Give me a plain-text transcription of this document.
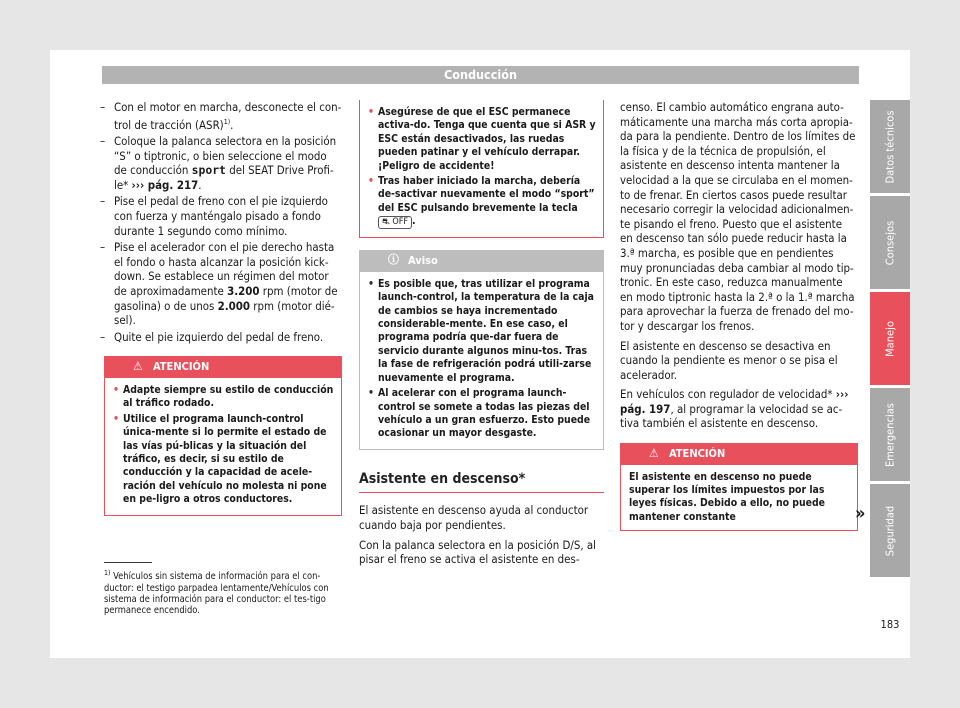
Conducción
– Con el motor en marcha, desconecte el con-trol de tracción (ASR)$^{1)}$.
– Coloque la palanca selectora en la posición “S” o tiptronic, o bien seleccione el modo de conducción sport del SEAT Drive Profi-le* ››› pág. 217.
– Pise el pedal de freno con el pie izquierdo con fuerza y manténgalo pisado a fondo durante 1 segundo como mínimo.
– Pise el acelerador con el pie derecho hasta el fondo o hasta alcanzar la posición kick-down. Se establece un régimen del motor de aproximadamente 3.200 rpm (motor de gasolina) o de unos 2.000 rpm (motor dié-sel).
– Quite el pie izquierdo del pedal de freno.
⚠ ATENCIÓN
• Adapte siempre su estilo de conducción al tráfico rodado.
• Utilice el programa launch-control única-mente si lo permite el estado de las vías pú-blicas y la situación del tráfico, es decir, si su estilo de conducción y la capacidad de acele-ración del vehículo no molesta ni pone en pe-ligro a otros conductores.
• Asegúrese de que el ESC permanece activa-do. Tenga que cuenta que si ASR y ESC están desactivados, las ruedas pueden patinar y el vehículo derrapar. ¡Peligro de accidente!
• Tras haber iniciado la marcha, debería de-sactivar nuevamente el modo “sport” del ESC pulsando brevemente la tecla ⛐ OFF .
ⓘ Aviso
• Es posible que, tras utilizar el programa launch-control, la temperatura de la caja de cambios se haya incrementado considerable-mente. En ese caso, el programa podría que-dar fuera de servicio durante algunos minu-tos. Tras la fase de refrigeración podrá utili-zarse nuevamente el programa.
• Al acelerar con el programa launch-control se somete a todas las piezas del vehículo a un gran esfuerzo. Esto puede ocasionar un mayor desgaste.
Asistente en descenso*

El asistente en descenso ayuda al conductor cuando baja por pendientes.

Con la palanca selectora en la posición D/S, al pisar el freno se activa el asistente en des-

censo. El cambio automático engrana auto-máticamente una marcha más corta apropia-da para la pendiente. Dentro de los límites de la física y de la técnica de propulsión, el asistente en descenso intenta mantener la velocidad a la que se circulaba en el momen-to de frenar. En ciertos casos puede resultar necesario corregir la velocidad adicionalmen-te pisando el freno. Puesto que el asistente en descenso tan sólo puede reducir hasta la 3.ª marcha, es posible que en pendientes muy pronunciadas deba cambiar al modo tip-tronic. En este caso, reduzca manualmente en modo tiptronic hasta la 2.ª o la 1.ª marcha para aprovechar la fuerza de frenado del mo-tor y descargar los frenos.

El asistente en descenso se desactiva en cuando la pendiente es menor o se pisa el acelerador.

En vehículos con regulador de velocidad* ››› pág. 197, al programar la velocidad se ac-tiva también el asistente en descenso.

⚠ ATENCIÓN
El asistente en descenso no puede superar los límites impuestos por las leyes físicas. Debido a ello, no puede mantener constante	»
$^{1)}$ Vehículos sin sistema de información para el con-ductor: el testigo parpadea lentamente/Vehículos con sistema de información para el conductor: el tes-tigo permanece encendido.
Datos técnicos
Consejos
Manejo
Emergencias
Seguridad
183
